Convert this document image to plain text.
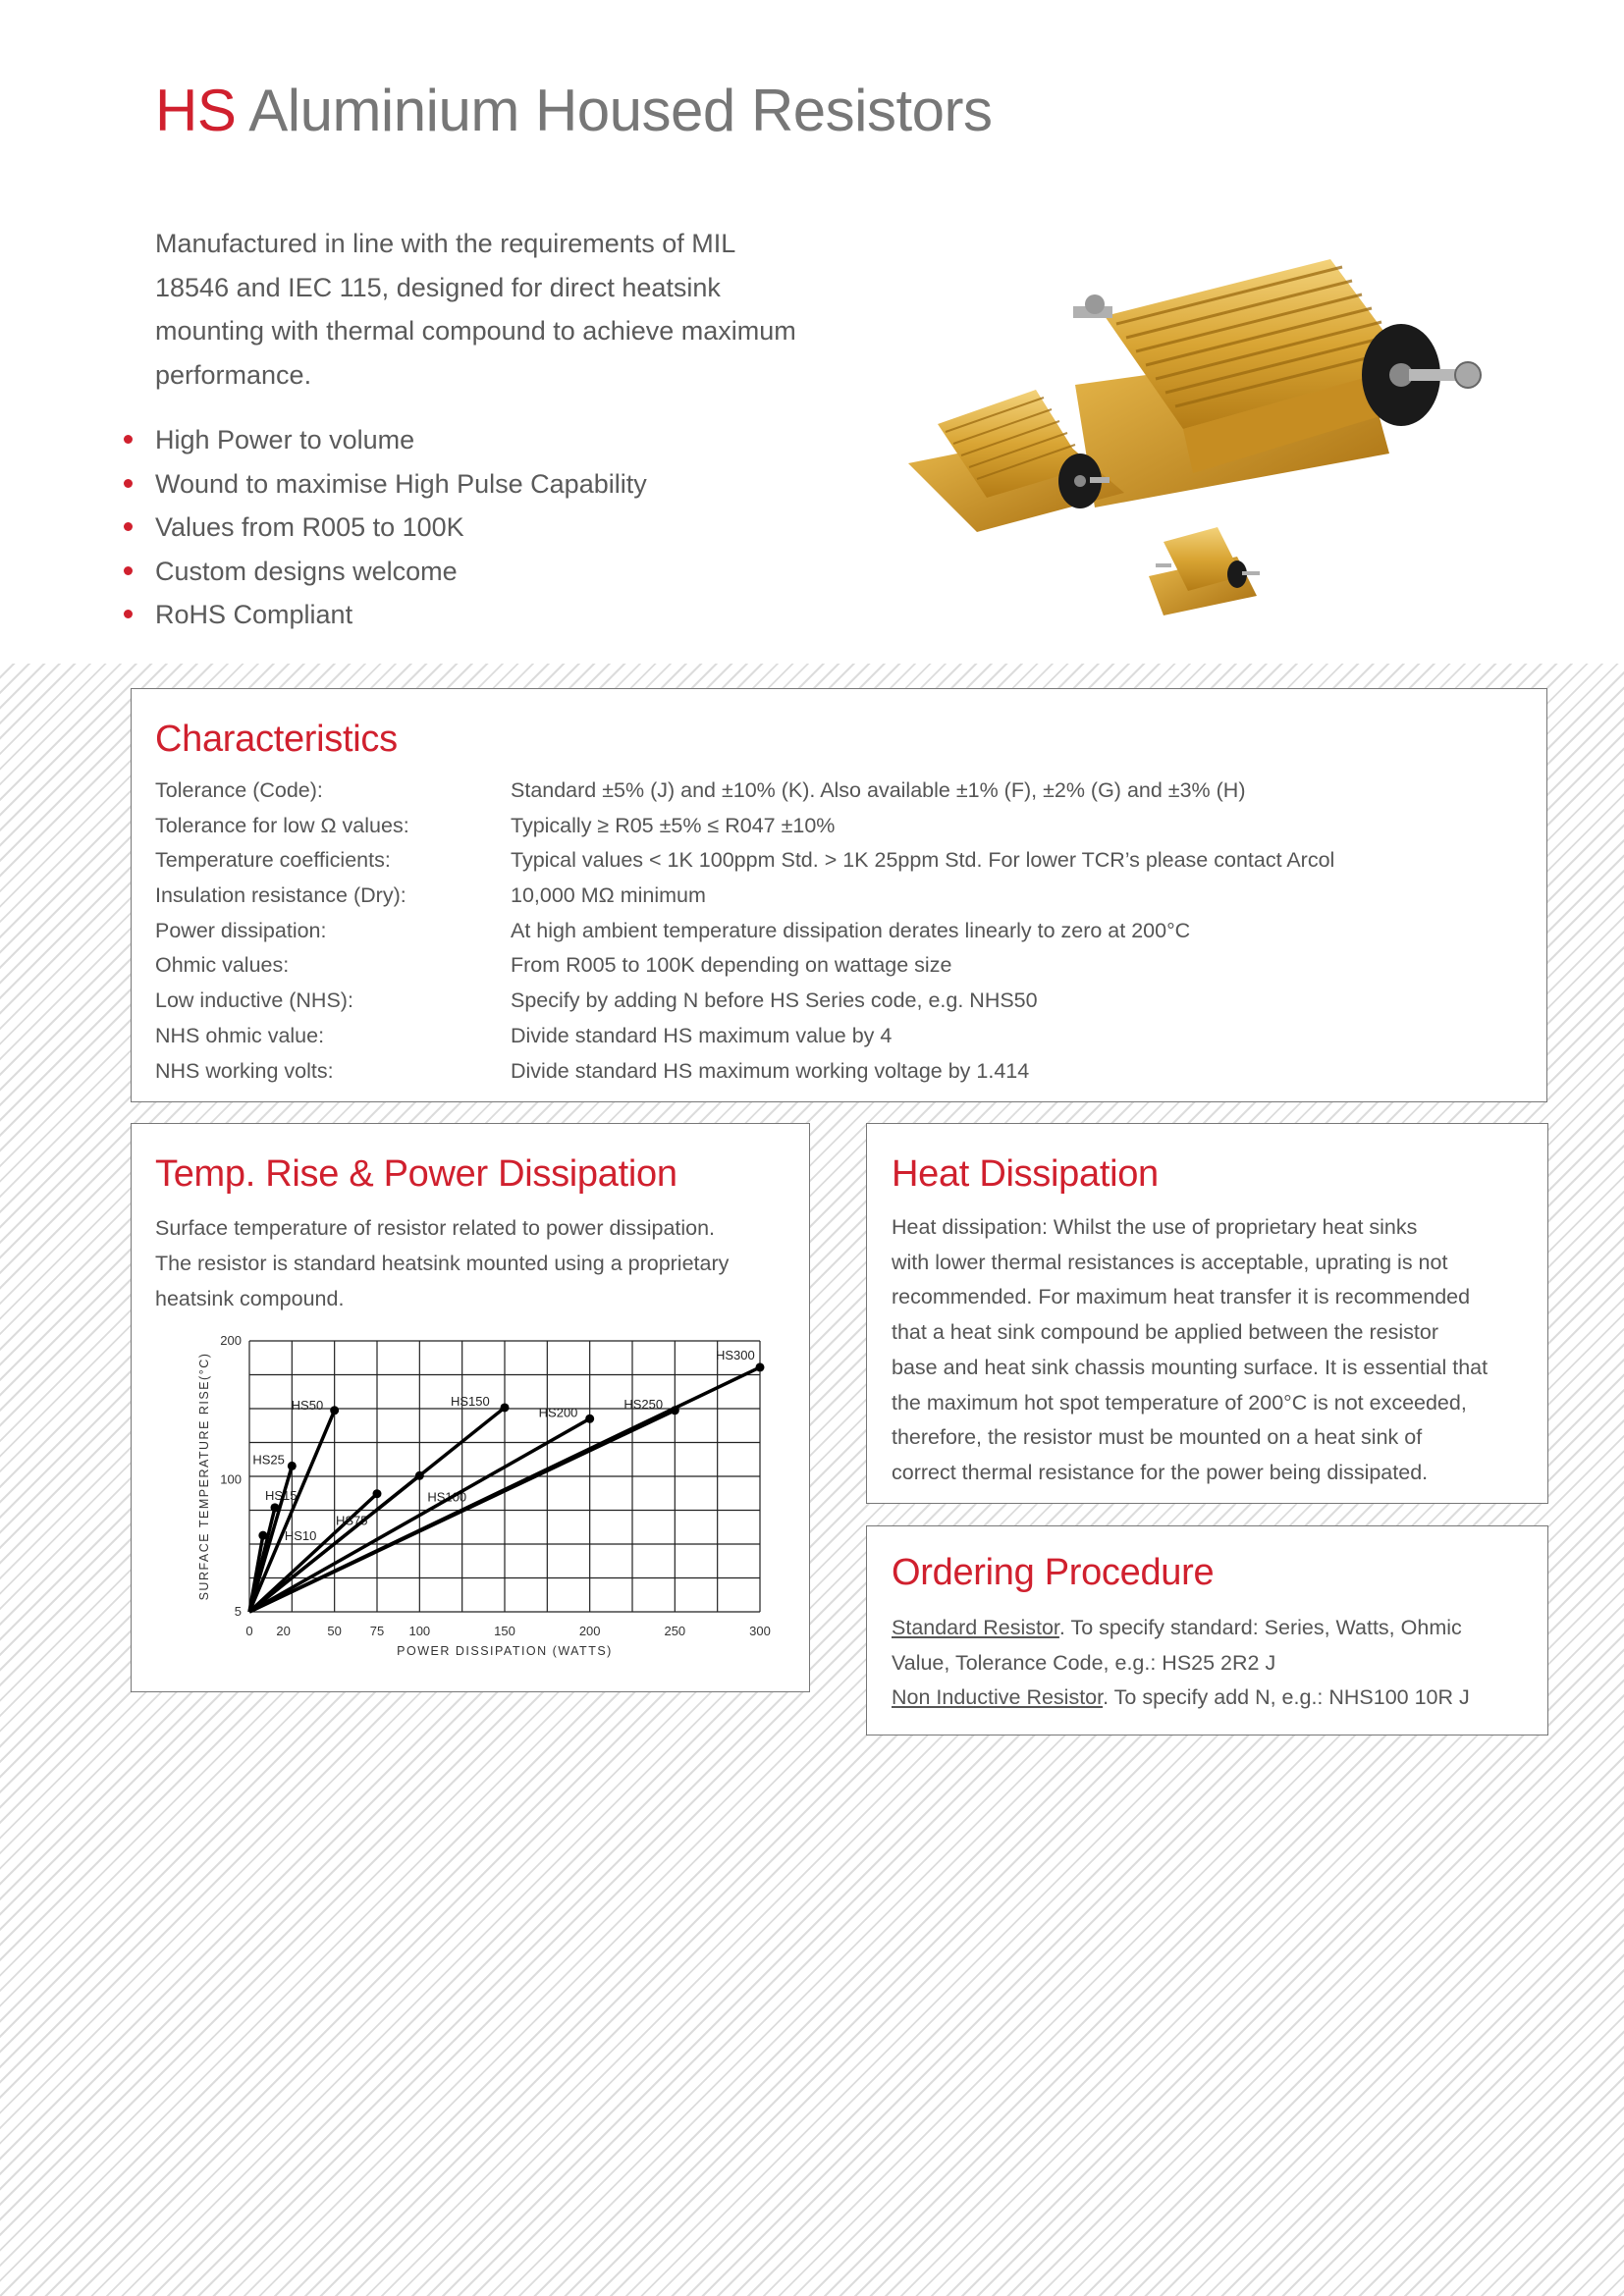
HS Aluminium Housed Resistors

Manufactured in line with the requirements of MIL
18546 and IEC 115, designed for direct heatsink
mounting with thermal compound to achieve maximum
performance.

High Power to volume
Wound to maximise High Pulse Capability
Values from R005 to 100K
Custom designs welcome
RoHS Compliant
Characteristics
Tolerance (Code):	Standard ±5% (J) and ±10% (K). Also available ±1% (F), ±2% (G) and ±3% (H)
Tolerance for low Ω values:	Typically ≥ R05 ±5% ≤ R047 ±10%
Temperature coefficients:	Typical values < 1K 100ppm Std. > 1K 25ppm Std. For lower TCR’s please contact Arcol
Insulation resistance (Dry):	10,000 MΩ minimum
Power dissipation:	At high ambient temperature dissipation derates linearly to zero at 200°C
Ohmic values:	From R005 to 100K depending on wattage size
Low inductive (NHS):	Specify by adding N before HS Series code, e.g. NHS50
NHS ohmic value:	Divide standard HS maximum value by 4
NHS working volts:	Divide standard HS maximum working voltage by 1.414
Temp. Rise & Power Dissipation

Surface temperature of resistor related to power dissipation.
The resistor is standard heatsink mounted using a proprietary
heatsink compound.

0 20	50 75 100	150	200	250	300
200
100
5
POWER DISSIPATION (WATTS)
SURFACE TEMPERATURE RISE(°C)	HS10
HS15
HS25
HS50
HS75
HS100
HS150
HS200
HS250
HS300
Heat Dissipation

Heat dissipation: Whilst the use of proprietary heat sinks
with lower thermal resistances is acceptable, uprating is not
recommended. For maximum heat transfer it is recommended
that a heat sink compound be applied between the resistor
base and heat sink chassis mounting surface. It is essential that
the maximum hot spot temperature of 200°C is not exceeded,
therefore, the resistor must be mounted on a heat sink of
correct thermal resistance for the power being dissipated.

Ordering Procedure

Standard Resistor. To specify standard: Series, Watts, Ohmic
Value, Tolerance Code, e.g.: HS25 2R2 J
Non Inductive Resistor. To specify add N, e.g.: NHS100 10R J
